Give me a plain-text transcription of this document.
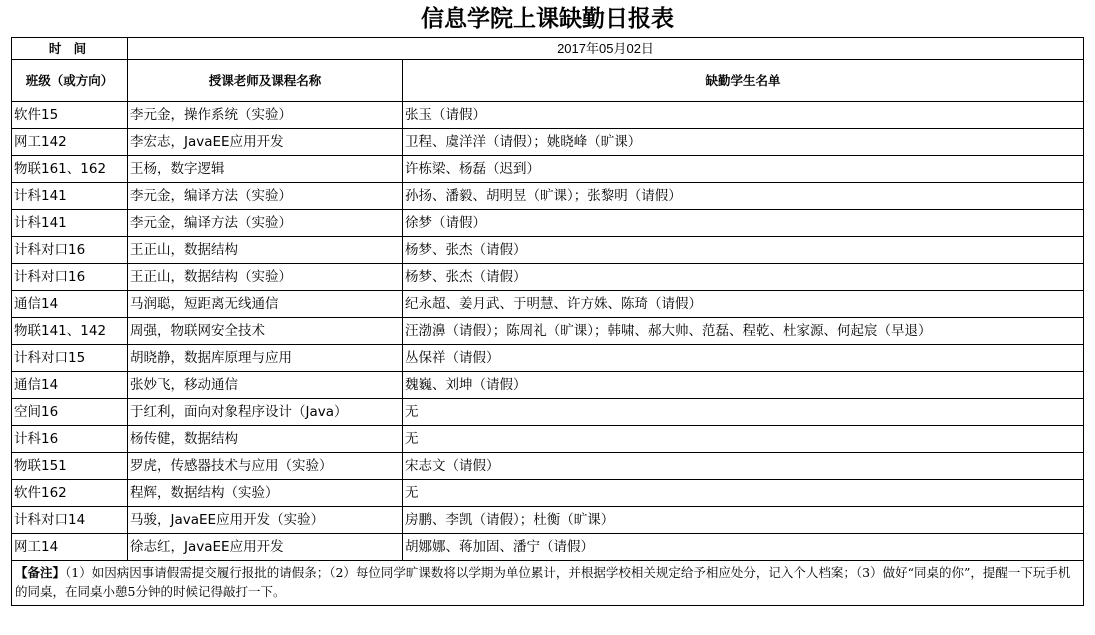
信息学院上课缺勤日报表
时 间	2017年05月02日	
班级（或方向）	授课老师及课程名称	缺勤学生名单
软件15	李元金，操作系统（实验）	张玉（请假）
网工142	李宏志，JavaEE应用开发	卫程、虞洋洋（请假）；姚晓峰（旷课）
物联161、162	王杨，数字逻辑	许栋梁、杨磊（迟到）
计科141	李元金，编译方法（实验）	孙扬、潘毅、胡明昱（旷课）；张黎明（请假）
计科141	李元金，编译方法（实验）	徐梦（请假）
计科对口16	王正山，数据结构	杨梦、张杰（请假）
计科对口16	王正山，数据结构（实验）	杨梦、张杰（请假）
通信14	马润聪，短距离无线通信	纪永超、姜月武、于明慧、许方姝、陈琦（请假）
物联141、142	周强，物联网安全技术	汪渤濞（请假）；陈周礼（旷课）；韩啸、郝大帅、范磊、程乾、杜家源、何起宸（早退）
计科对口15	胡晓静，数据库原理与应用	丛保祥（请假）
通信14	张妙飞，移动通信	魏巍、刘坤（请假）
空间16	于红利，面向对象程序设计（Java）	无
计科16	杨传健，数据结构	无
物联151	罗虎，传感器技术与应用（实验）	宋志文（请假）
软件162	程辉，数据结构（实验）	无
计科对口14	马骏，JavaEE应用开发（实验）	房鹏、李凯（请假）；杜衡（旷课）
网工14	徐志红，JavaEE应用开发	胡娜娜、蒋加固、潘宁（请假）
【备注】（1）如因病因事请假需提交履行报批的请假条；（2）每位同学旷课数将以学期为单位累计，并根据学校相关规定给予相应处分，记入个人档案；（3）做好“同桌的你”，提醒一下玩手机的同桌，在同桌小憩5分钟的时候记得敲打一下。		
